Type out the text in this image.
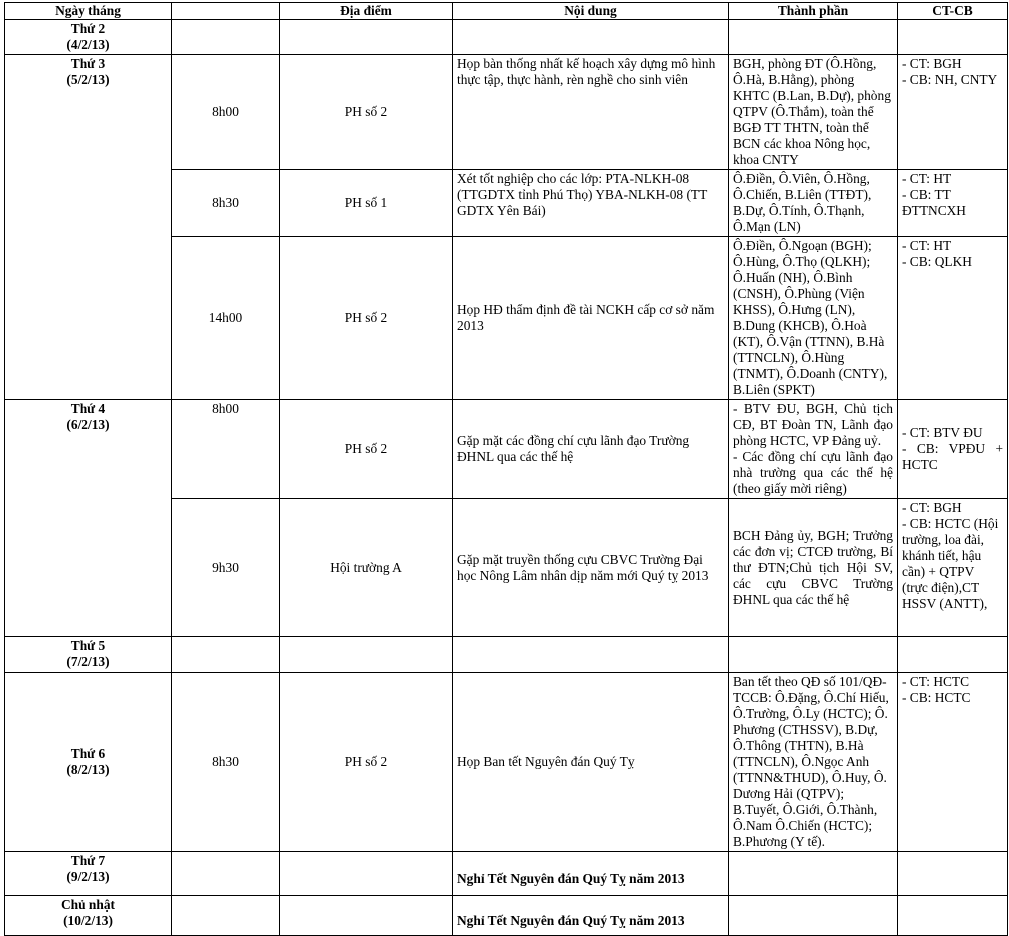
Ngày tháng		Địa điểm	Nội dung	Thành phần	CT-CB

Thứ 2
(4/2/13)					

Thứ 3
(5/2/13)	8h00	PH số 2	Họp bàn thống nhất kế hoạch xây dựng mô hình thực tập, thực hành, rèn nghề cho sinh viên	BGH, phòng ĐT (Ô.Hồng, Ô.Hà, B.Hằng), phòng KHTC (B.Lan, B.Dự), phòng QTPV (Ô.Thắm), toàn thể BGĐ TT THTN, toàn thể BCN các khoa Nông học, khoa CNTY	- CT: BGH
- CB: NH, CNTY

	8h30	PH số 1	Xét tốt nghiệp cho các lớp: PTA-NLKH-08 (TTGDTX tỉnh Phú Thọ) YBA-NLKH-08 (TT GDTX Yên Bái)	Ô.Điền, Ô.Viên, Ô.Hồng, Ô.Chiến, B.Liên (TTĐT), B.Dự, Ô.Tính, Ô.Thạnh, Ô.Mạn (LN)	- CT: HT
- CB: TT ĐTTNCXH

	14h00	PH số 2	Họp HĐ thẩm định đề tài NCKH cấp cơ sở năm 2013	Ô.Điền, Ô.Ngoạn (BGH); Ô.Hùng, Ô.Thọ (QLKH); Ô.Huấn (NH), Ô.Bình (CNSH), Ô.Phùng (Viện KHSS), Ô.Hưng (LN), B.Dung (KHCB), Ô.Hoà (KT), Ô.Vận (TTNN), B.Hà (TTNCLN), Ô.Hùng (TNMT), Ô.Doanh (CNTY), B.Liên (SPKT)	- CT: HT
- CB: QLKH

Thứ 4
(6/2/13)	8h00	PH số 2	Gặp mặt các đồng chí cựu lãnh đạo Trường ĐHNL qua các thế hệ	- BTV ĐU, BGH, Chủ tịch CĐ, BT Đoàn TN, Lãnh đạo phòng HCTC, VP Đảng uỷ.
- Các đồng chí cựu lãnh đạo nhà trường qua các thế hệ (theo giấy mời riêng)	- CT: BTV ĐU
- CB: VPĐU + HCTC

	9h30	Hội trường A	Gặp mặt truyền thống cựu CBVC Trường Đại học Nông Lâm nhân dịp năm mới Quý tỵ 2013	BCH Đảng ủy, BGH; Trưởng các đơn vị; CTCĐ trường, Bí thư ĐTN;Chủ tịch Hội SV, các cựu CBVC Trường ĐHNL qua các thế hệ	- CT: BGH
- CB: HCTC (Hội trường, loa đài, khánh tiết, hậu cần) + QTPV (trực điện),CT HSSV (ANTT),

Thứ 5
(7/2/13)					

Thứ 6
(8/2/13)	8h30	PH số 2	Họp Ban tết Nguyên đán Quý Tỵ	Ban tết theo QĐ số 101/QĐ-TCCB: Ô.Đặng, Ô.Chí Hiếu, Ô.Trường, Ô.Ly (HCTC); Ô. Phương (CTHSSV), B.Dự, Ô.Thông (THTN), B.Hà (TTNCLN), Ô.Ngọc Anh (TTNN&THUD), Ô.Huy, Ô. Dương Hải (QTPV); B.Tuyết, Ô.Giới, Ô.Thành, Ô.Nam Ô.Chiến (HCTC); B.Phương (Y tế).	- CT: HCTC
- CB: HCTC

Thứ 7
(9/2/13)			Nghỉ Tết Nguyên đán Quý Tỵ năm 2013		

Chủ nhật
(10/2/13)			Nghỉ Tết Nguyên đán Quý Tỵ năm 2013		
